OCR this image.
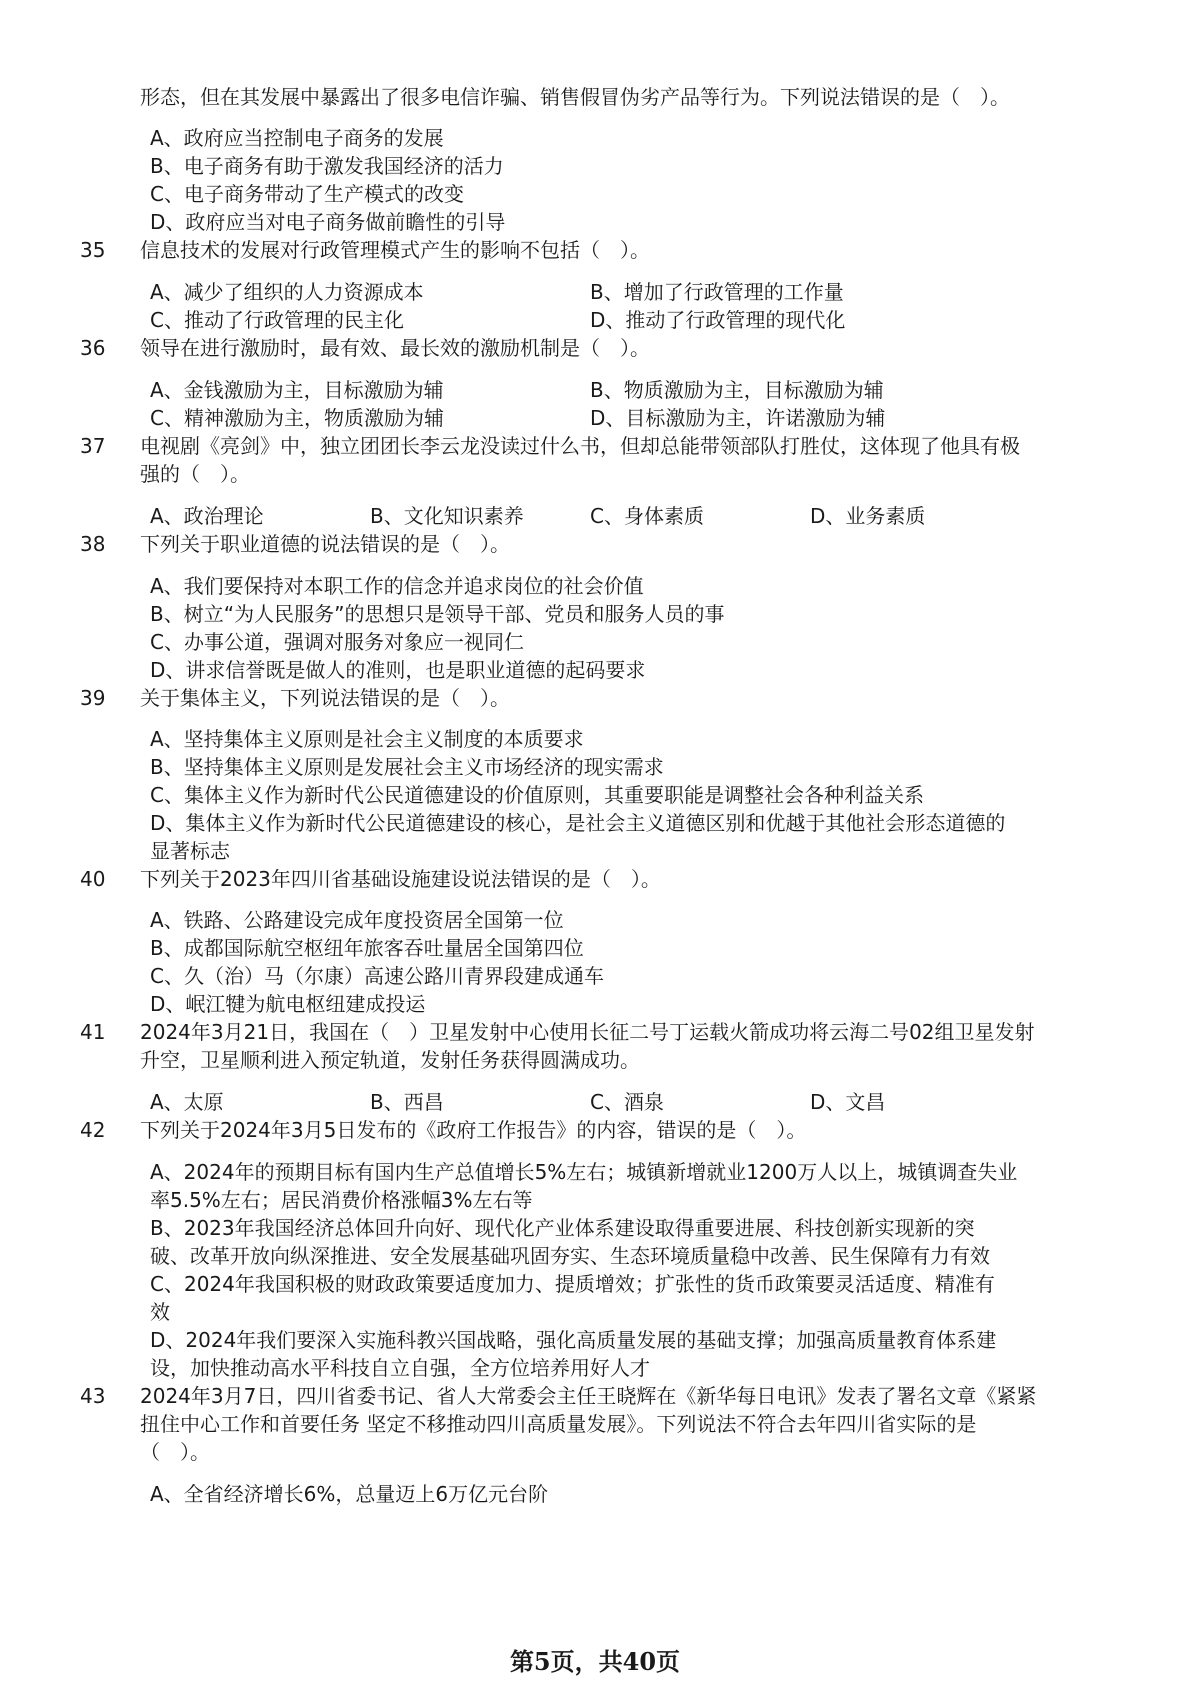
形态，但在其发展中暴露出了很多电信诈骗、销售假冒伪劣产品等行为。下列说法错误的是（　）。
A、政府应当控制电子商务的发展
B、电子商务有助于激发我国经济的活力
C、电子商务带动了生产模式的改变
D、政府应当对电子商务做前瞻性的引导
35 信息技术的发展对行政管理模式产生的影响不包括（　）。
A、减少了组织的人力资源成本	B、增加了行政管理的工作量
C、推动了行政管理的民主化	D、推动了行政管理的现代化
36 领导在进行激励时，最有效、最长效的激励机制是（　）。
A、金钱激励为主，目标激励为辅	B、物质激励为主，目标激励为辅
C、精神激励为主，物质激励为辅	D、目标激励为主，许诺激励为辅
37 电视剧《亮剑》中，独立团团长李云龙没读过什么书，但却总能带领部队打胜仗，这体现了他具有极
强的（　）。
A、政治理论	B、文化知识素养	C、身体素质	D、业务素质
38 下列关于职业道德的说法错误的是（　）。
A、我们要保持对本职工作的信念并追求岗位的社会价值
B、树立“为人民服务”的思想只是领导干部、党员和服务人员的事
C、办事公道，强调对服务对象应一视同仁
D、讲求信誉既是做人的准则，也是职业道德的起码要求
39 关于集体主义，下列说法错误的是（　）。
A、坚持集体主义原则是社会主义制度的本质要求
B、坚持集体主义原则是发展社会主义市场经济的现实需求
C、集体主义作为新时代公民道德建设的价值原则，其重要职能是调整社会各种利益关系
D、集体主义作为新时代公民道德建设的核心，是社会主义道德区别和优越于其他社会形态道德的
显著标志
40 下列关于2023年四川省基础设施建设说法错误的是（　）。
A、铁路、公路建设完成年度投资居全国第一位
B、成都国际航空枢纽年旅客吞吐量居全国第四位
C、久（治）马（尔康）高速公路川青界段建成通车
D、岷江犍为航电枢纽建成投运
41 2024年3月21日，我国在（　）卫星发射中心使用长征二号丁运载火箭成功将云海二号02组卫星发射
升空，卫星顺利进入预定轨道，发射任务获得圆满成功。
A、太原	B、西昌	C、酒泉	D、文昌
42 下列关于2024年3月5日发布的《政府工作报告》的内容，错误的是（　）。
A、2024年的预期目标有国内生产总值增长5%左右；城镇新增就业1200万人以上，城镇调查失业
率5.5%左右；居民消费价格涨幅3%左右等
B、2023年我国经济总体回升向好、现代化产业体系建设取得重要进展、科技创新实现新的突
破、改革开放向纵深推进、安全发展基础巩固夯实、生态环境质量稳中改善、民生保障有力有效
C、2024年我国积极的财政政策要适度加力、提质增效；扩张性的货币政策要灵活适度、精准有
效
D、2024年我们要深入实施科教兴国战略，强化高质量发展的基础支撑；加强高质量教育体系建
设，加快推动高水平科技自立自强，全方位培养用好人才
43 2024年3月7日，四川省委书记、省人大常委会主任王晓辉在《新华每日电讯》发表了署名文章《紧紧
扭住中心工作和首要任务 坚定不移推动四川高质量发展》。下列说法不符合去年四川省实际的是
（　）。
A、全省经济增长6%，总量迈上6万亿元台阶
第5页，共40页
